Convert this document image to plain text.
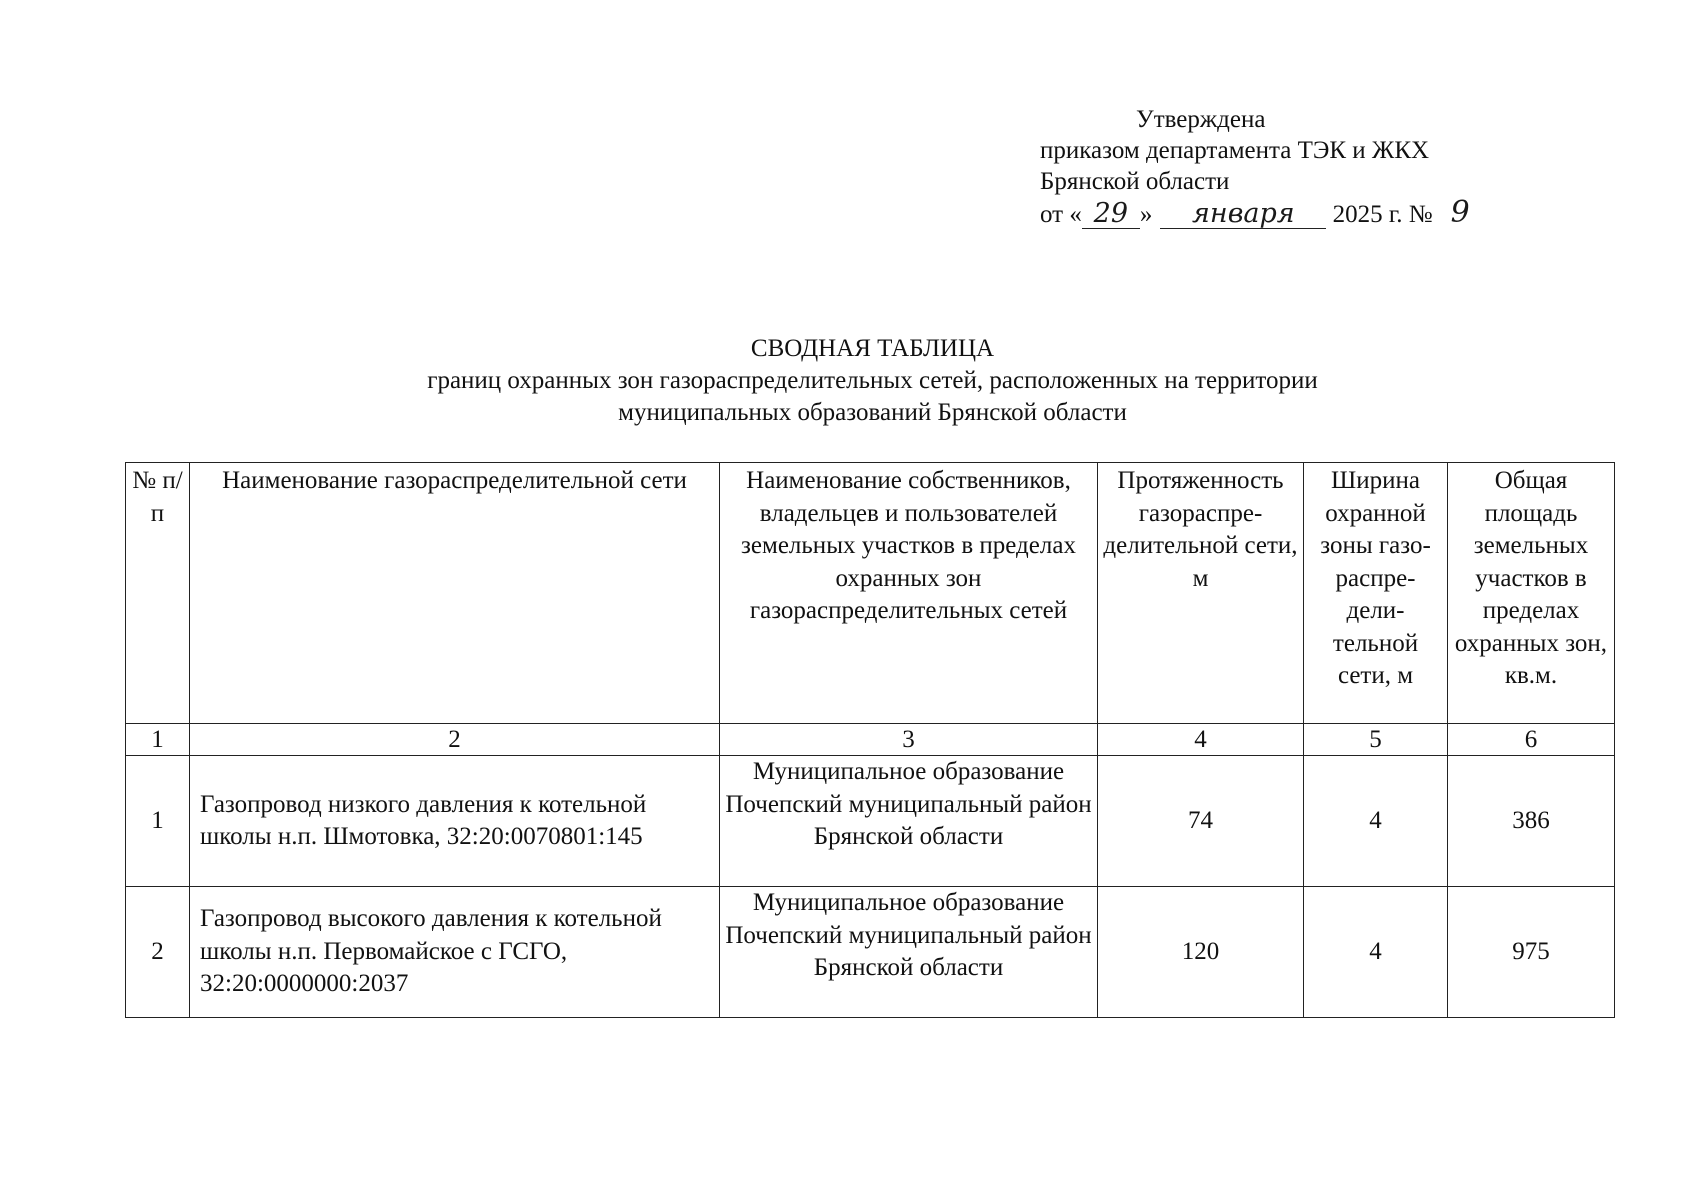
Утверждена
приказом департамента ТЭК и ЖКХ
Брянской области
от « 29 » января 2025 г. № 9
СВОДНАЯ ТАБЛИЦА
границ охранных зон газораспределительных сетей, расположенных на территории
муниципальных образований Брянской области
№ п/п	Наименование газораспределительной сети	Наименование собственников, владельцев и пользователей земельных участков в пределах охранных зон газораспределительных сетей	Протяженность газораспре-делительной сети, м	Ширина охранной зоны газо-распре-дели-тельной сети, м	Общая площадь земельных участков в пределах охранных зон, кв.м.
1	2	3	4	5	6
1	Газопровод низкого давления к котельной школы н.п. Шмотовка, 32:20:0070801:145	Муниципальное образование Почепский муниципальный район Брянской области	74	4	386
2	Газопровод высокого давления к котельной школы н.п. Первомайское с ГСГО, 32:20:0000000:2037	Муниципальное образование Почепский муниципальный район Брянской области	120	4	975
